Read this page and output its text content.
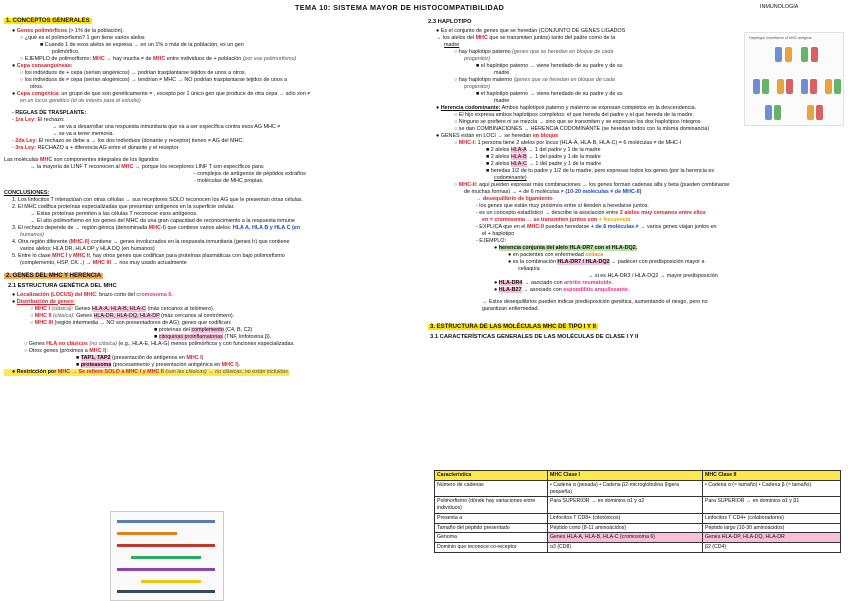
TEMA 10: SISTEMA MAYOR DE HISTOCOMPATIBILIDAD	INMUNOLOGÍA
1. CONCEPTOS GENERALES

● Genes polimórficos (> 1% de la población).

○ ¿qué es el polimorfismo? 1 gen tiene varios alelos

■ Cuando 1 de esos alelos se expresa → en un 1% o más de la población, es un gen

polimórfico.

○ EJEMPLO de polimorfismo: MHC → hay mucha ≠ de MHC entre individuos de + población (por ese polimorfismo)

● Cepa consanguíneas:

○ los individuos de + cepa (serían singénicos) → podrían trasplantarse tejidos de unos a otros.

○ los individuos de ≠ cepa (serían alogénicos) → tendrían ≠ MHC → NO podrían trasplantarse tejidos de unos a

otros.

● Cepa congénica: un grupo de que son genéticamente = , excepto por 1 único gen que produce de otra cepa → sólo son ≠

en un locus genético (el de interés para el estudio)

- REGLAS DE TRASPLANTE:

- 1ra Ley: El rechazo:

→ se va a desarrollar una respuesta inmunitaria que va a ser específica contra esos AG MHC ≠

→ se va a tener memoria.

- 2da Ley: El rechazo se debe a → los dos individuos (donante y receptor) tienen ≠ AG del MHC.

- 3ra Ley: RECHAZO a + diferencia AG entre el donante y el receptor

Las moléculas MHC son componentes integrales de los ligandos

→ la mayoría de LINF T reconocen al MHC → porque los receptores LINF T son específicos para:

- complejos de antígenos de péptidos extraños

- moléculas de MHC propias.

CONCLUSIONES:

1. Los linfocitos T interactúan con otras células → sus receptores SÓLO reconocen los AG que le presentan otras células.

2. El MHC codifica proteínas especializadas que presentan antígenos en la superficie celular.

→ Estas proteínas permiten a las células T reconocer esos antígenos.

→ El alto polimorfismo en los genes del MHC da una gran capacidad de reconocimiento a la respuesta inmune

3. El rechazo depende de → región génica (denominada MHC-I) que contiene varios alelos: HLA A, HLA B y HLA C (en

humanos)

4. Otra región diferente (MHC-II) contiene → genes involucrados en la respuesta inmunitaria (genes Ir) que contiene

varios alelos: HLA DR, HLA DP y HLA DQ (en humanos)

5. Entre lo clase MHC I y MHC II, hay otros genes que codifican para proteínas plasmáticas con bajo polimorfismo

(complemento, HSP, CK...) → MHC III → nos muy usado actualmente

2. GENES DEL MHC Y HERENCIA
2.1 ESTRUCTURA GENÉTICA DEL MHC

● Localización (LOCUS) del MHC: brazo corto del cromosoma 6.

● Distribución de genes:

○ MHC I (clásica): Genes HLA-A, HLA-B, HLA-C (más cercanos al telómero).

○ MHC II (clásica): Genes HLA-DR, HLA-DQ, HLA-DP (más cercanos al centrómero).

○ MHC III (región intermedia → NO son presentadores de AG): genes que codifican:

■ proteínas del complemento (C4, B, C2)

■ citoquinas proinflamatorias (TNF, linfotoxina β).

○ Genes HLA no clásicos (no clásica) (e.g., HLA-E, HLA-G) menos polimórficos y con funciones especializadas.

○ Otros genes (próximos a MHC I):

■ TAP1, TAP2 (presentación de antígenos en MHC I)

■ proteasoma (procesamiento y presentación antigénica en MHC I).

● Restricción por MHC → Se refiere SÓLO a MHC I y MHC II (son las clásicas) → no clásicas, no están incluidas.

2.3 HAPLOTIPO

● Es el conjunto de genes que se heredan (CONJUNTO DE GENES LIGADOS

→ los alelos del MHC que se transmiten juntos) tanto del padre como de la

madre

○ hay haplotipo paterno (genes que se heredan en bloque de cada

progenitor)

■ el haplotipo paterno → viene heredado de su padre y de su

madre

○ hay haplotipo materno (genes que se heredan en bloque de cada

progenitor)

■ el haplotipo paterno → viene heredado de su padre y de su

madre

● Herencia codominante: Ambos haplotipos paterno y materno se expresan completos en la descendencia.

○ El hijo expresa ambos haplotipos completos: el que hereda del padre y el que hereda de la madre.

○ Ninguno se prefiere ni se mezcla → sino que se transmiten y se expresan los dos haplotipos íntegros

○ se dan COMBINACIONES → HERENCIA CODOMINANTE (se heredan todos con la misma dominancia)

● GENES están en LOCI → se heredan en bloque

○ MHC-I: 1 persona tiene 2 alelos por locus (HLA-A, HLA-B, HLA-C) = 6 moléculas ≠ de MHC-I

■ 2 alelos HLA-A → 1 del padre y 1 de la madre

■ 2 alelos HLA-B → 1 del padre y 1 de la madre

■ 2 alelos HLA-C → 1 del padre y 1 de la madre

■ heredas 1/2 de tu padre y 1/2 de tu madre, pero expresas todos los genes (por la herencia es

codominante)

○ MHC-II: aquí pueden expresar más combinaciones → los genes forman cadenas alfa y beta (pueden combinarse

de muchas formas) → + de 6 moléculas ≠ (10-20 moléculas ≠ de MHC-II)

→ desequilibrio de ligamiento

- los genes que están muy próximos entre sí tienden a heredarse juntos.

- es un concepto estadístico → describe la asociación entre 2 alelos muy cercanos entre ellos

en = cromosoma → se transmiten juntos con + frecuencia

- EXPLICA que en el MHC-II puedan heredarse + de 6 moléculas ≠ → varios genes viajan juntos en

el + haplotipo

- EJEMPLO:

● herencia conjunta del alelo HLA-DR7 con el HLA-DQ2.

● en pacientes con enfermedad celíaca

● es la combinación HLA-DR7 / HLA-DQ2 → padecer con predisposición mayor a

celiaquía

→ si es HLA-DR3 / HLA-DQ2 → mayor predisposición

● HLA-DR4 → asociado con artritis reumatoide.

● HLA-B27 → asociado con espondilitis anquilosante.

→ Estos desequilibrios pueden indicar predisposición genética, aumentando el riesgo, pero no

garantizan enfermedad.

3. ESTRUCTURA DE LAS MOLÉCULAS MHC DE TIPO I Y II
3.1 CARACTERÍSTICAS GENERALES DE LAS MOLÉCULAS DE CLASE I Y II
Haplotype Inheritance of MHC antigens
Característica	MHC Clase I	MHC Clase II
Número de cadenas	• Cadena α (pesada) • Cadena β2-microglobulina (ligera pequeña)	• Cadena α (≈ tamaño) • Cadena β (≈ tamaño)
Polimorfismo (dónde hay variaciones entre individuos)	Para SUPERIOR → en dominios α1 y α2	Para SUPERIOR → en dominios α1 y β1
Presenta a	Linfocitos T CD8+ (citotóxicos)	Linfocitos T CD4+ (colaboradores)
Tamaño del péptido presentado	Péptido corto (8-11 aminoácidos)	Péptido largo (10-30 aminoácidos)
Genoma	Genes HLA-A, HLA-B, HLA-C (cromosoma 6)	Genes HLA-DP, HLA-DQ, HLA-DR
Dominio que reconoce co-receptor	α3 (CD8)	β2 (CD4)
